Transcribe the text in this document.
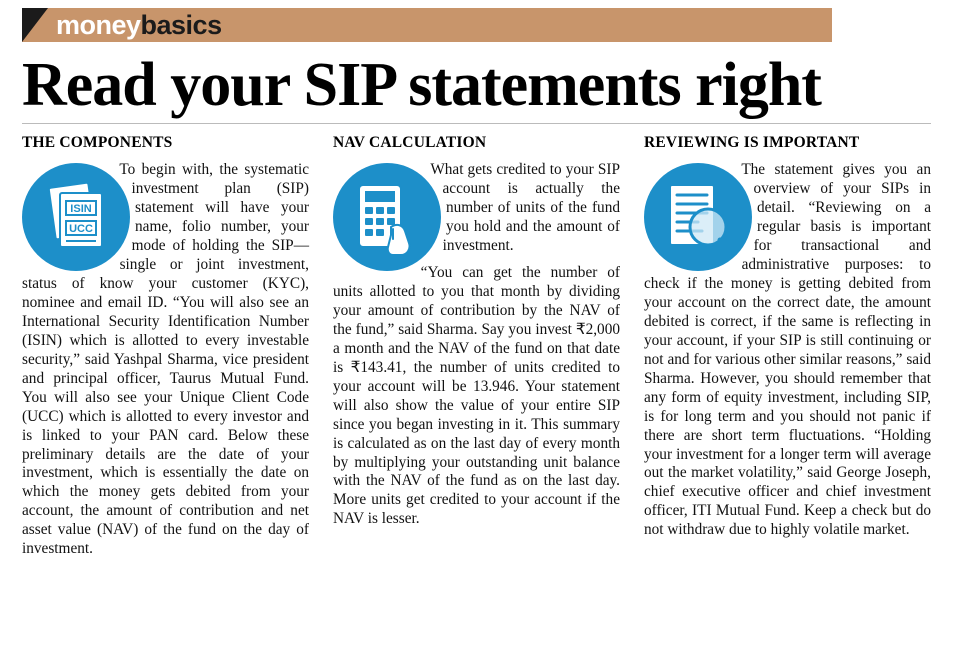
moneybasics
Read your SIP statements right
THE COMPONENTS
ISIN
UCC

To begin with, the systematic investment plan (SIP) statement will have your name, folio number, your mode of holding the SIP—single or joint investment, status of know your customer (KYC), nominee and email ID. “You will also see an International Security Identification Number (ISIN) which is allotted to every investable security,” said Yashpal Sharma, vice president and principal officer, Taurus Mutual Fund. You will also see your Unique Client Code (UCC) which is allotted to every investor and is linked to your PAN card. Below these preliminary details are the date of your investment, which is essentially the date on which the money gets debited from your account, the amount of contribution and net asset value (NAV) of the fund on the day of investment.

NAV CALCULATION

What gets credited to your SIP account is actually the number of units of the fund you hold and the amount of investment.

“You can get the number of units allotted to you that month by dividing your amount of contribution by the NAV of the fund,” said Sharma. Say you invest ₹2,000 a month and the NAV of the fund on that date is ₹143.41, the number of units credited to your account will be 13.946. Your statement will also show the value of your entire SIP since you began investing in it. This summary is calculated as on the last day of every month by multiplying your outstanding unit balance with the NAV of the fund as on the last day. More units get credited to your account if the NAV is lesser.

REVIEWING IS IMPORTANT

The statement gives you an overview of your SIPs in detail. “Reviewing on a regular basis is important for transactional and administrative purposes: to check if the money is getting debited from your account on the correct date, the amount debited is correct, if the same is reflecting in your account, if your SIP is still continuing or not and for various other similar reasons,” said Sharma. However, you should remember that any form of equity investment, including SIP, is for long term and you should not panic if there are short term fluctuations. “Holding your investment for a longer term will average out the market volatility,” said George Joseph, chief executive officer and chief investment officer, ITI Mutual Fund. Keep a check but do not withdraw due to highly volatile market.
